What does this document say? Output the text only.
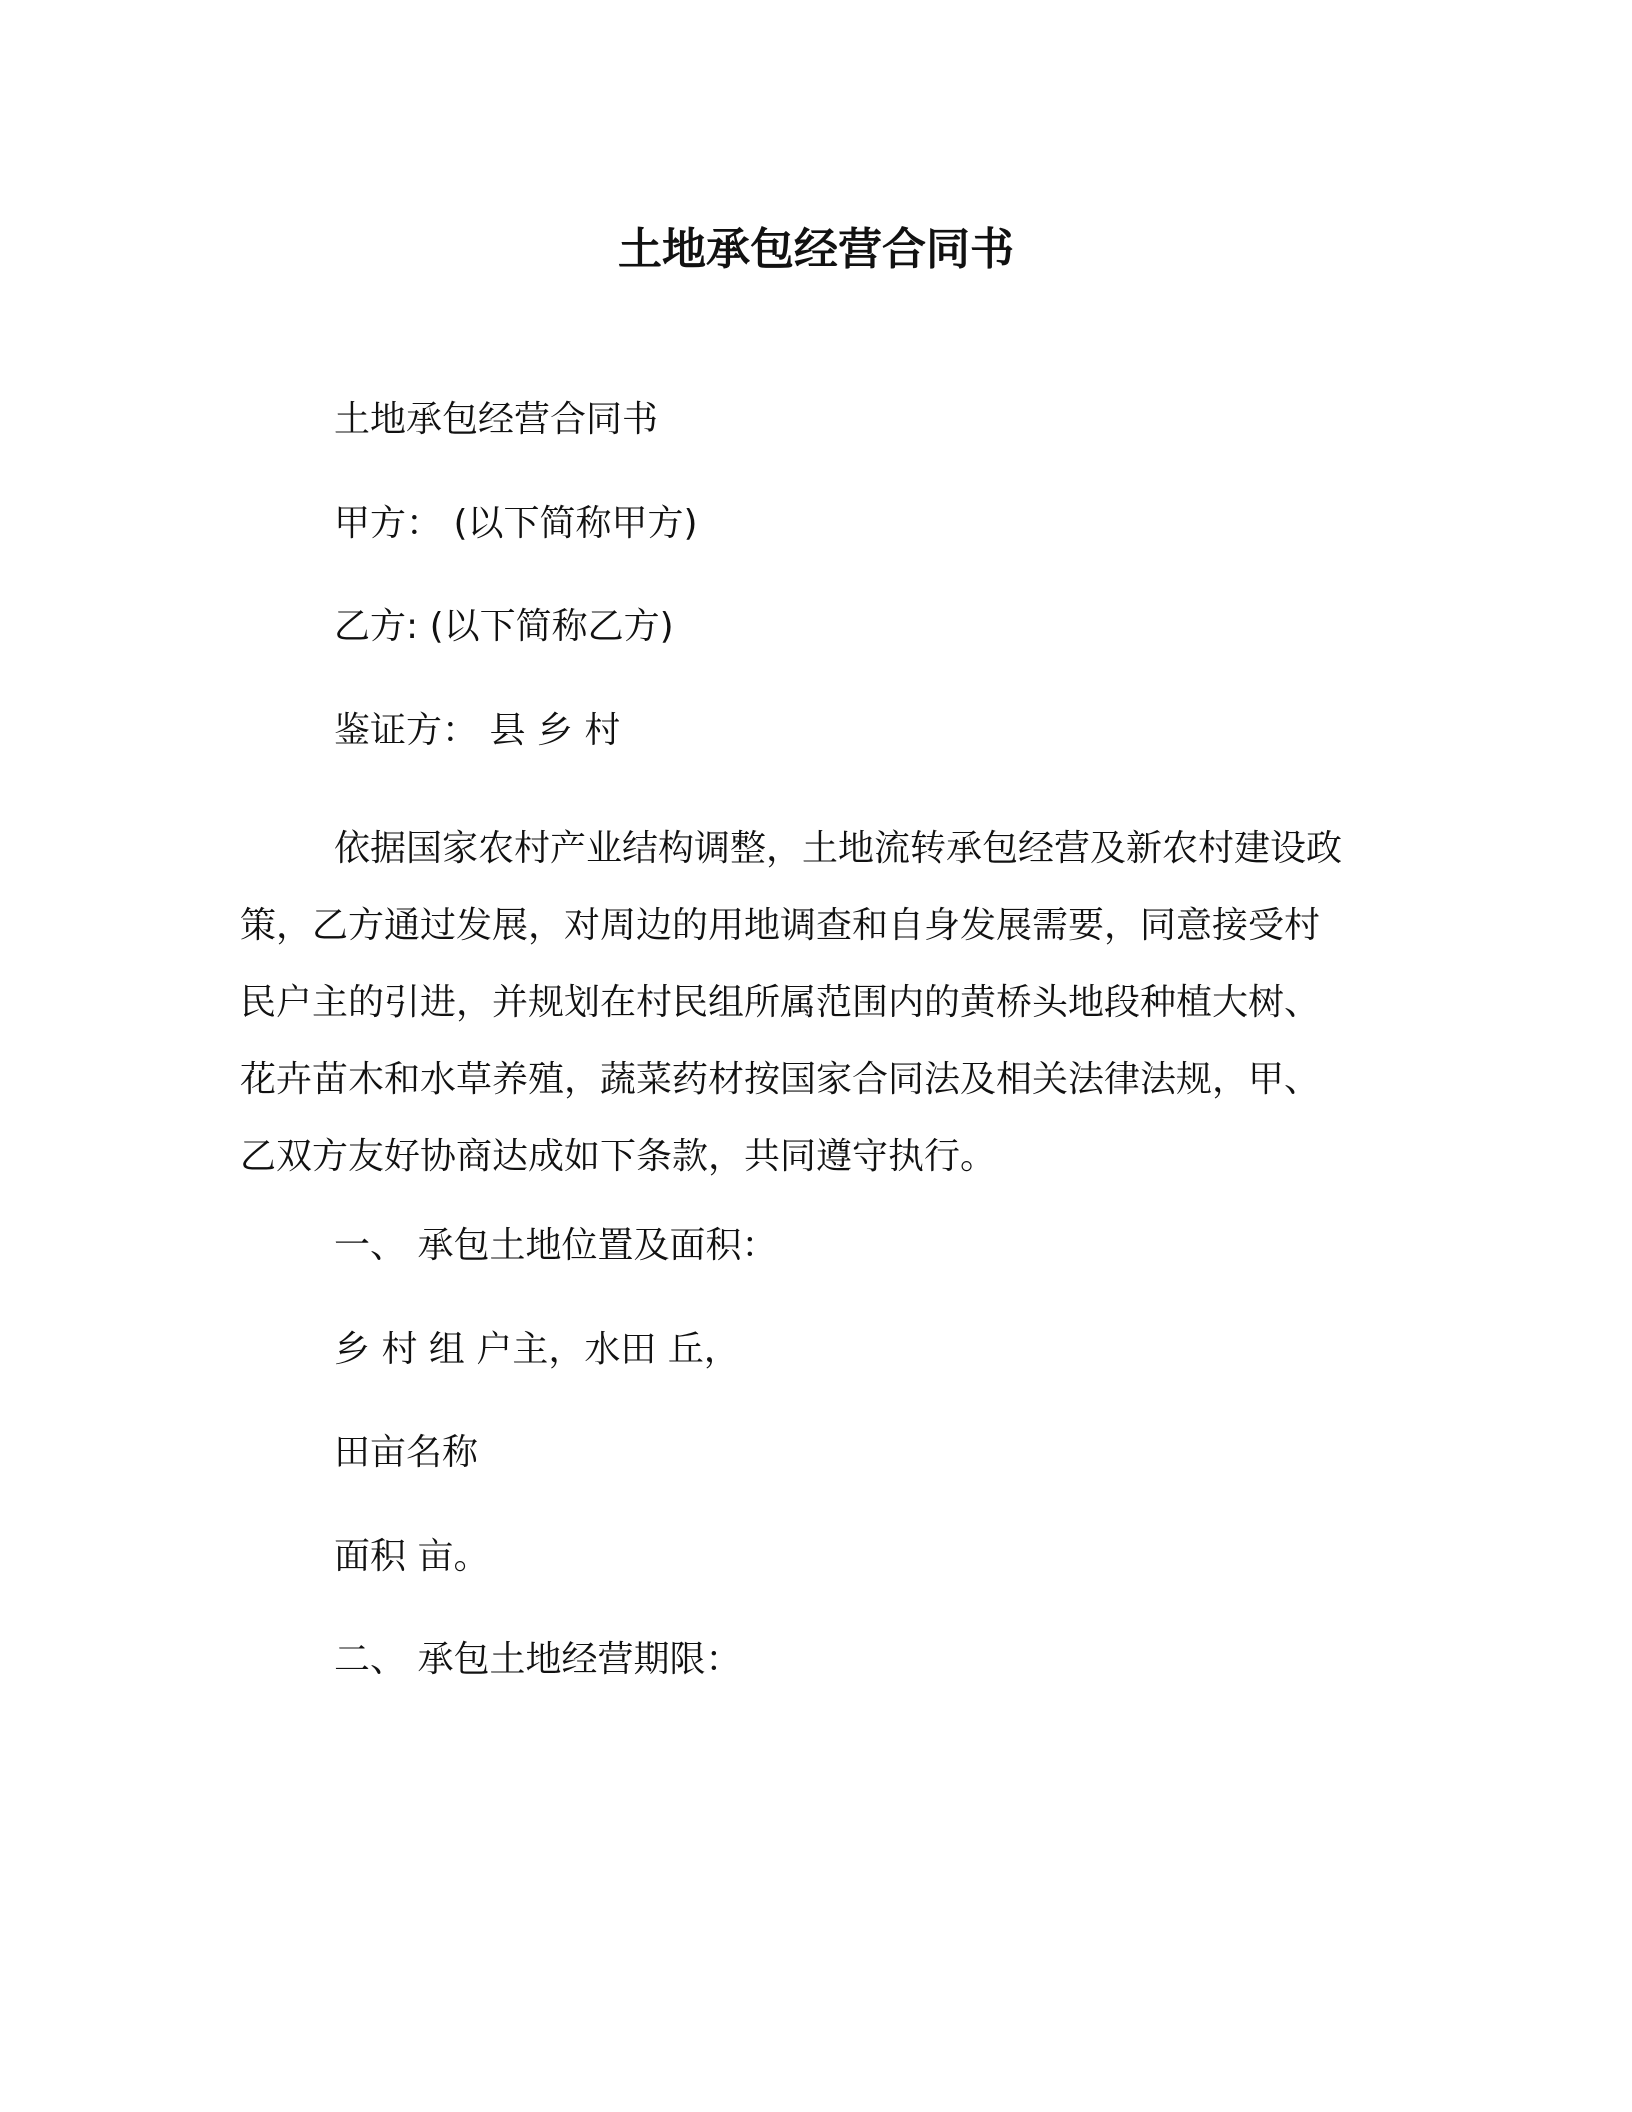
土地承包经营合同书
土地承包经营合同书
甲方： (以下简称甲方)
乙方: (以下简称乙方)
鉴证方： 县 乡 村
依据国家农村产业结构调整，土地流转承包经营及新农村建设政
策，乙方通过发展，对周边的用地调查和自身发展需要，同意接受村
民户主的引进，并规划在村民组所属范围内的黄桥头地段种植大树、
花卉苗木和水草养殖，蔬菜药材按国家合同法及相关法律法规，甲、
乙双方友好协商达成如下条款，共同遵守执行。
一、 承包土地位置及面积：
乡 村 组 户主，水田 丘，
田亩名称
面积 亩。
二、 承包土地经营期限：
